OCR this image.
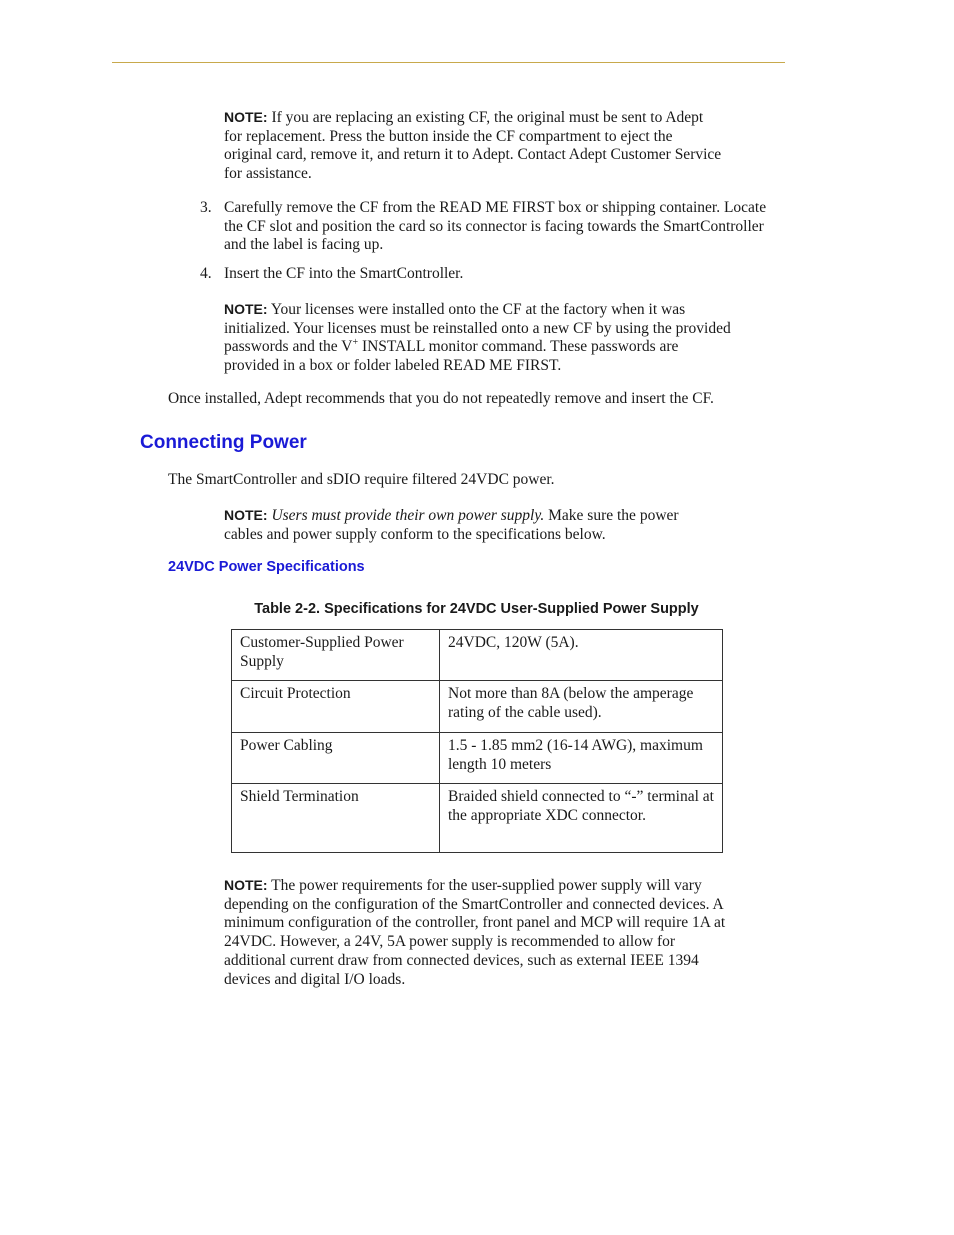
NOTE: If you are replacing an existing CF, the original must be sent to Adept for replacement. Press the button inside the CF compartment to eject the original card, remove it, and return it to Adept. Contact Adept Customer Service for assistance.
3. Carefully remove the CF from the READ ME FIRST box or shipping container. Locate the CF slot and position the card so its connector is facing towards the SmartController and the label is facing up.
4. Insert the CF into the SmartController.
NOTE: Your licenses were installed onto the CF at the factory when it was initialized. Your licenses must be reinstalled onto a new CF by using the provided passwords and the V+ INSTALL monitor command. These passwords are provided in a box or folder labeled READ ME FIRST.
Once installed, Adept recommends that you do not repeatedly remove and insert the CF.
Connecting Power
The SmartController and sDIO require filtered 24VDC power.
NOTE: Users must provide their own power supply. Make sure the power cables and power supply conform to the specifications below.
24VDC Power Specifications
Table 2-2. Specifications for 24VDC User-Supplied Power Supply
Customer-Supplied Power Supply	24VDC, 120W (5A).
Circuit Protection	Not more than 8A (below the amperage rating of the cable used).
Power Cabling	1.5 - 1.85 mm2 (16-14 AWG), maximum length 10 meters
Shield Termination	Braided shield connected to “-” terminal at the appropriate XDC connector.
NOTE: The power requirements for the user-supplied power supply will vary depending on the configuration of the SmartController and connected devices. A minimum configuration of the controller, front panel and MCP will require 1A at 24VDC. However, a 24V, 5A power supply is recommended to allow for additional current draw from connected devices, such as external IEEE 1394 devices and digital I/O loads.
